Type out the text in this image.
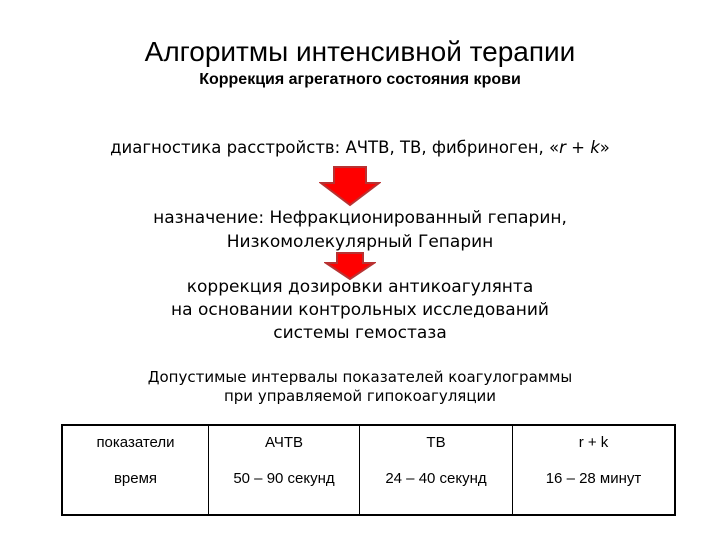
Алгоритмы интенсивной терапии
Коррекция агрегатного состояния крови
диагностика расстройств: АЧТВ, ТВ, фибриноген, «r + k»
назначение: Нефракционированный гепарин,
Низкомолекулярный Гепарин
коррекция дозировки антикоагулянта
на основании контрольных исследований
системы гемостаза
Допустимые интервалы показателей коагулограммы
при управляемой гипокоагуляции
показатели	АЧТВ	ТВ	r + k
время	50 – 90 секунд	24 – 40 секунд	16 – 28 минут
